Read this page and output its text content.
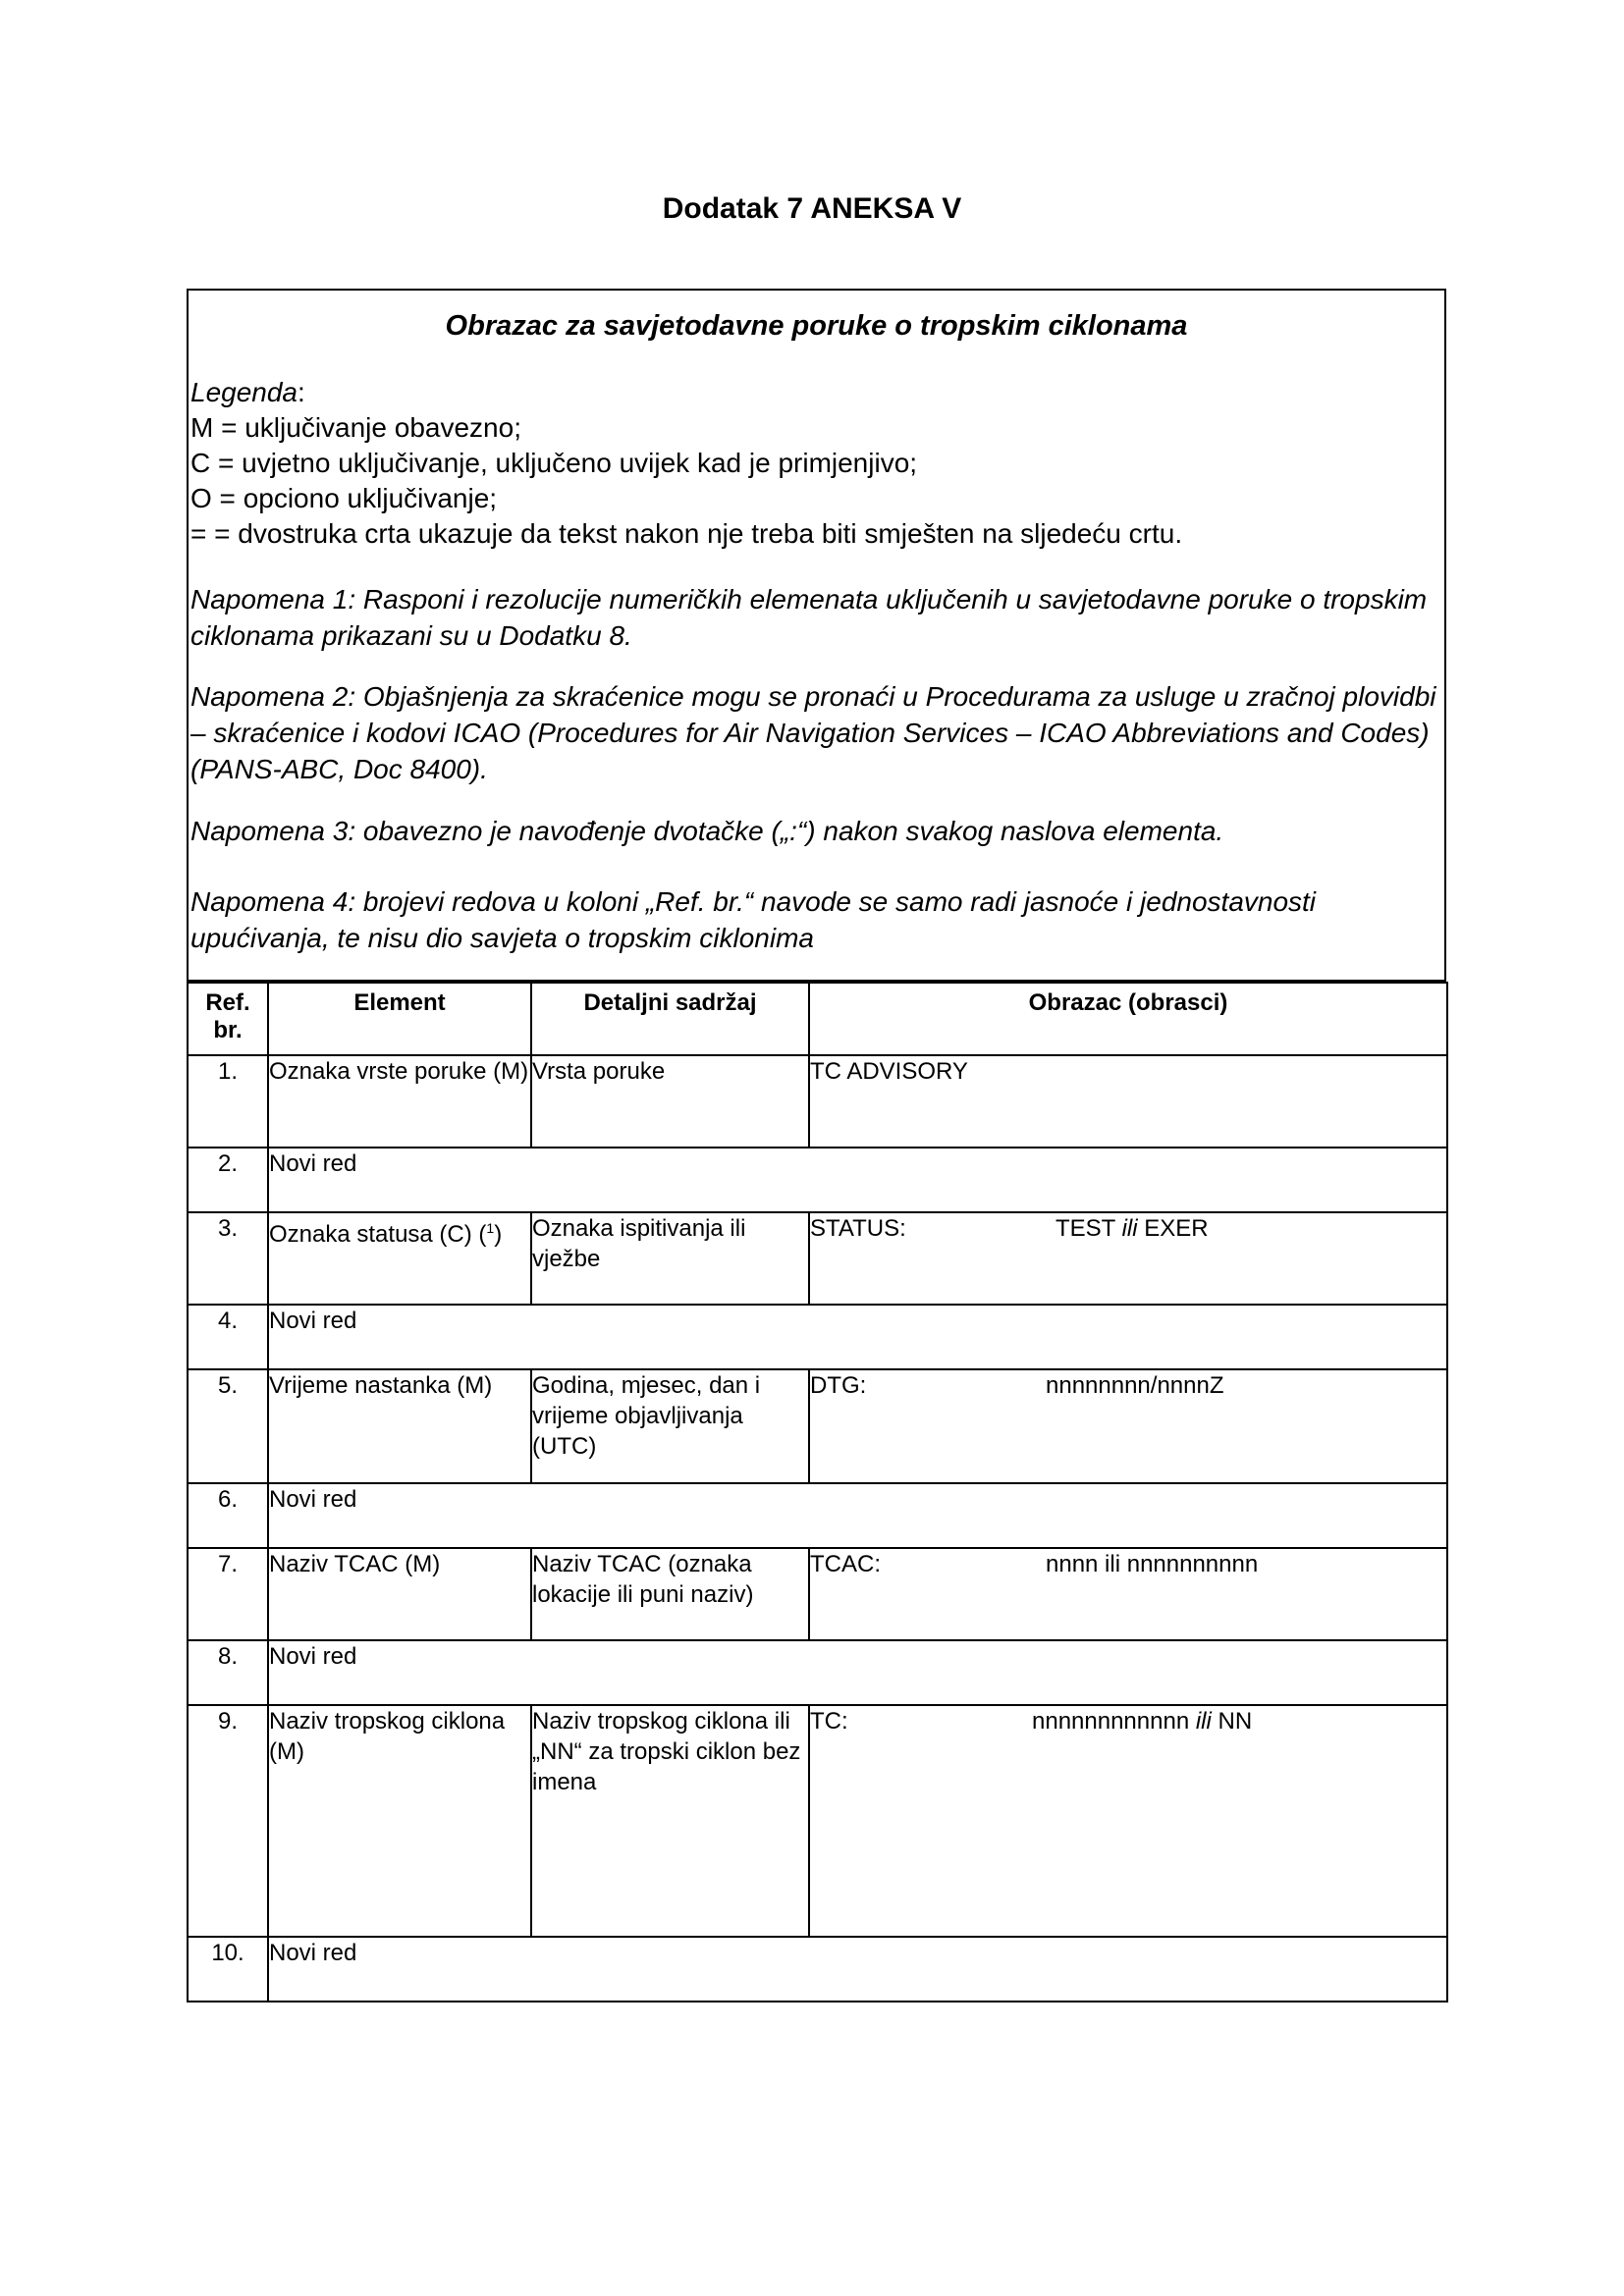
Dodatak 7 ANEKSA V
Obrazac za savjetodavne poruke o tropskim ciklonama
Legenda:
M = uključivanje obavezno;
C = uvjetno uključivanje, uključeno uvijek kad je primjenjivo;
O = opciono uključivanje;
= = dvostruka crta ukazuje da tekst nakon nje treba biti smješten na sljedeću crtu.
Napomena 1: Rasponi i rezolucije numeričkih elemenata uključenih u savjetodavne poruke o tropskim ciklonama prikazani su u Dodatku 8.
Napomena 2: Objašnjenja za skraćenice mogu se pronaći u Procedurama za usluge u zračnoj plovidbi – skraćenice i kodovi ICAO (Procedures for Air Navigation Services – ICAO Abbreviations and Codes) (PANS-ABC, Doc 8400).
Napomena 3: obavezno je navođenje dvotačke („:“) nakon svakog naslova elementa.
Napomena 4: brojevi redova u koloni „Ref. br.“ navode se samo radi jasnoće i jednostavnosti upućivanja, te nisu dio savjeta o tropskim ciklonima
Ref.
br.	Element	Detaljni sadržaj	Obrazac (obrasci)
1.	Oznaka vrste poruke (M)	Vrsta poruke	TC ADVISORY
2.	Novi red		
3.	Oznaka statusa (C) ($^1$)	Oznaka ispitivanja ili vježbe	STATUS: TEST ili EXER
4.	Novi red		
5.	Vrijeme nastanka (M)	Godina, mjesec, dan i vrijeme objavljivanja (UTC)	DTG: nnnnnnnn/nnnnZ
6.	Novi red		
7.	Naziv TCAC (M)	Naziv TCAC (oznaka lokacije ili puni naziv)	TCAC: nnnn ili nnnnnnnnnn
8.	Novi red		
9.	Naziv tropskog ciklona (M)	Naziv tropskog ciklona ili „NN“ za tropski ciklon bez imena	TC: nnnnnnnnnnnn ili NN
10.	Novi red		
